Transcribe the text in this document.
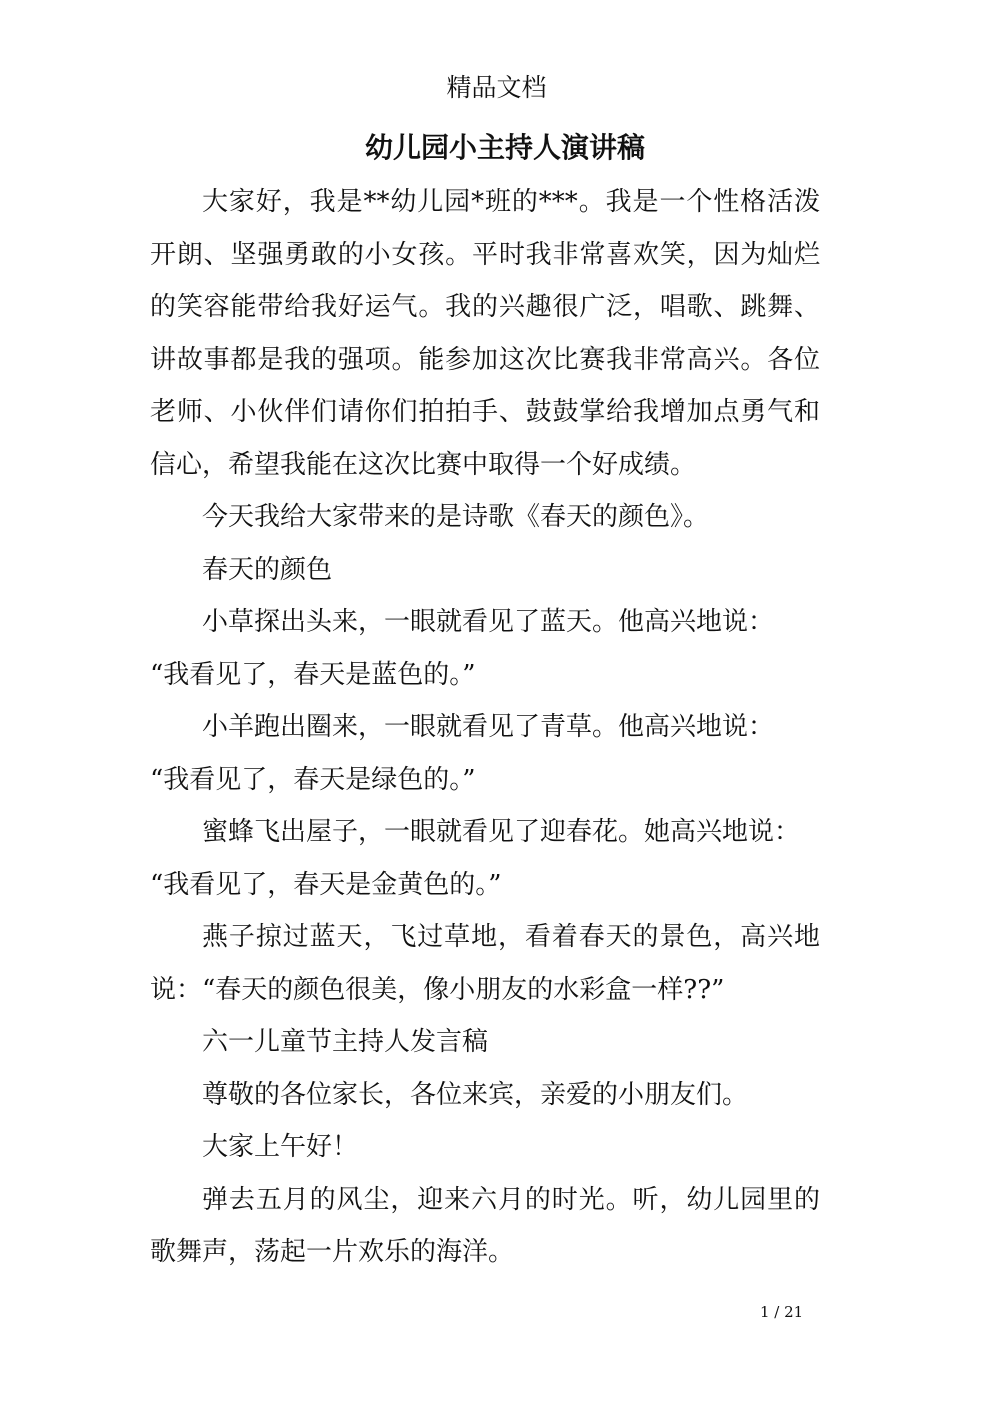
精品文档
幼儿园小主持人演讲稿

大家好，我是**幼儿园*班的***。我是一个性格活泼开朗、坚强勇敢的小女孩。平时我非常喜欢笑，因为灿烂的笑容能带给我好运气。我的兴趣很广泛，唱歌、跳舞、讲故事都是我的强项。能参加这次比赛我非常高兴。各位老师、小伙伴们请你们拍拍手、鼓鼓掌给我增加点勇气和信心，希望我能在这次比赛中取得一个好成绩。

今天我给大家带来的是诗歌《春天的颜色》。

春天的颜色

小草探出头来，一眼就看见了蓝天。他高兴地说：

“我看见了，春天是蓝色的。”

小羊跑出圈来，一眼就看见了青草。他高兴地说：

“我看见了，春天是绿色的。”

蜜蜂飞出屋子，一眼就看见了迎春花。她高兴地说：

“我看见了，春天是金黄色的。”

燕子掠过蓝天，飞过草地，看着春天的景色，高兴地说：“春天的颜色很美，像小朋友的水彩盒一样??”

六一儿童节主持人发言稿

尊敬的各位家长，各位来宾，亲爱的小朋友们。

大家上午好！

弹去五月的风尘，迎来六月的时光。听，幼儿园里的歌舞声，荡起一片欢乐的海洋。

1 / 21
